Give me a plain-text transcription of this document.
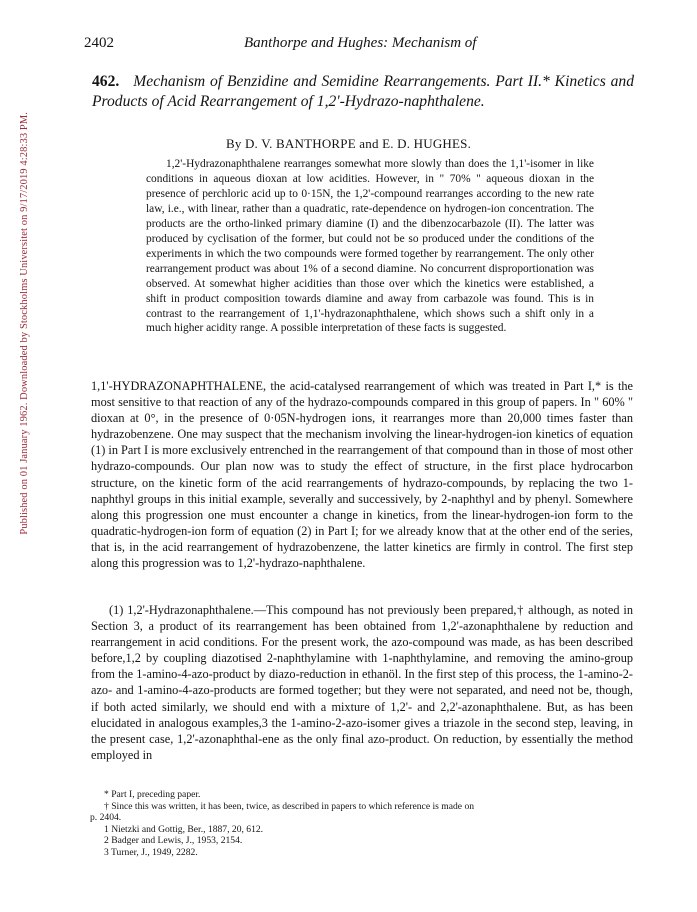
Published on 01 January 1962. Downloaded by Stockholms Universitet on 9/17/2019 4:28:33 PM.
2402	Banthorpe and Hughes: Mechanism of
462. Mechanism of Benzidine and Semidine Rearrangements. Part II.* Kinetics and Products of Acid Rearrangement of 1,2'-Hydrazo-naphthalene.
By D. V. BANTHORPE and E. D. HUGHES.
1,2'-Hydrazonaphthalene rearranges somewhat more slowly than does the 1,1'-isomer in like conditions in aqueous dioxan at low acidities. However, in " 70% " aqueous dioxan in the presence of perchloric acid up to 0·15N, the 1,2'-compound rearranges according to the new rate law, i.e., with linear, rather than a quadratic, rate-dependence on hydrogen-ion concentration. The products are the ortho-linked primary diamine (I) and the dibenzocarbazole (II). The latter was produced by cyclisation of the former, but could not be so produced under the conditions of the experiments in which the two compounds were formed together by rearrangement. The only other rearrangement product was about 1% of a second diamine. No concurrent disproportionation was observed. At somewhat higher acidities than those over which the kinetics were established, a shift in product composition towards diamine and away from carbazole was found. This is in contrast to the rearrangement of 1,1'-hydrazonaphthalene, which shows such a shift only in a much higher acidity range. A possible interpretation of these facts is suggested.
1,1'-HYDRAZONAPHTHALENE, the acid-catalysed rearrangement of which was treated in Part I,* is the most sensitive to that reaction of any of the hydrazo-compounds compared in this group of papers. In " 60% " dioxan at 0°, in the presence of 0·05N-hydrogen ions, it rearranges more than 20,000 times faster than hydrazobenzene. One may suspect that the mechanism involving the linear-hydrogen-ion kinetics of equation (1) in Part I is more exclusively entrenched in the rearrangement of that compound than in those of most other hydrazo-compounds. Our plan now was to study the effect of structure, in the first place hydrocarbon structure, on the kinetic form of the acid rearrangements of hydrazo-compounds, by replacing the two 1-naphthyl groups in this initial example, severally and successively, by 2-naphthyl and by phenyl. Somewhere along this progression one must encounter a change in kinetics, from the linear-hydrogen-ion form to the quadratic-hydrogen-ion form of equation (2) in Part I; for we already know that at the other end of the series, that is, in the acid rearrangement of hydrazobenzene, the latter kinetics are firmly in control. The first step along this progression was to 1,2'-hydrazo-naphthalene.
(1) 1,2'-Hydrazonaphthalene.—This compound has not previously been prepared,† although, as noted in Section 3, a product of its rearrangement has been obtained from 1,2'-azonaphthalene by reduction and rearrangement in acid conditions. For the present work, the azo-compound was made, as has been described before,1,2 by coupling diazotised 2-naphthylamine with 1-naphthylamine, and removing the amino-group from the 1-amino-4-azo-product by diazo-reduction in ethanöl. In the first step of this process, the 1-amino-2-azo- and 1-amino-4-azo-products are formed together; but they were not separated, and need not be, though, if both acted similarly, we should end with a mixture of 1,2'- and 2,2'-azonaphthalene. But, as has been elucidated in analogous examples,3 the 1-amino-2-azo-isomer gives a triazole in the second step, leaving, in the present case, 1,2'-azonaphthal-ene as the only final azo-product. On reduction, by essentially the method employed in

* Part I, preceding paper.

† Since this was written, it has been, twice, as described in papers to which reference is made on

p. 2404.

1 Nietzki and Gottig, Ber., 1887, 20, 612.

2 Badger and Lewis, J., 1953, 2154.

3 Turner, J., 1949, 2282.
